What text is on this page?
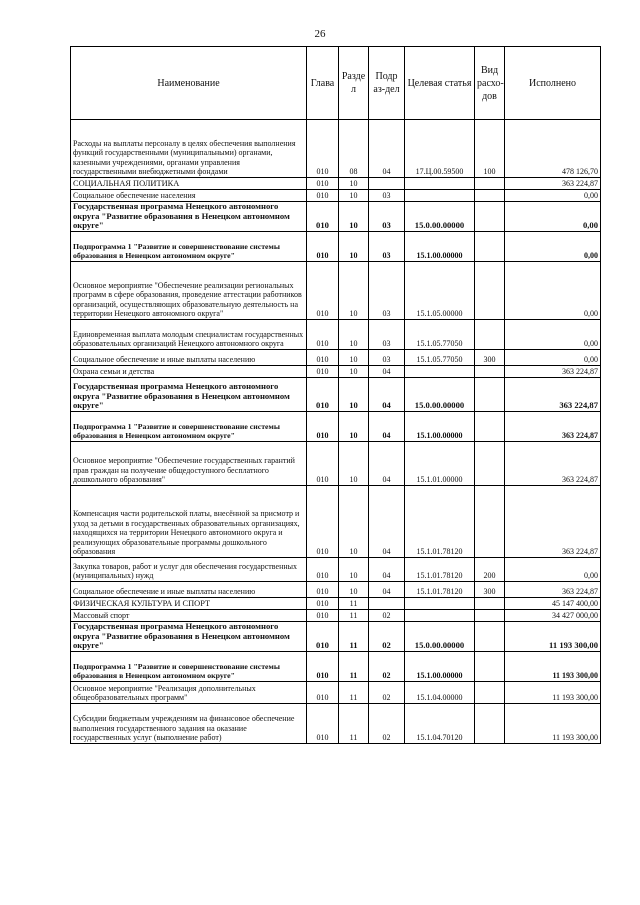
26
Наименование	Глава	Разде л	Подр аз-дел	Целевая статья	Вид расхо-дов	Исполнено
Расходы на выплаты персоналу в целях обеспечения выполнения функций государственными (муниципальными) органами, казенными учреждениями, органами управления государственными внебюджетными фондами	010	08	04	17.Ц.00.59500	100	478 126,70
СОЦИАЛЬНАЯ ПОЛИТИКА	010	10				363 224,87
Социальное обеспечение населения	010	10	03			0,00
Государственная программа Ненецкого автономного округа "Развитие образования в Ненецком автономном округе"	010	10	03	15.0.00.00000		0,00
Подпрограмма 1 "Развитие и совершенствование системы образования в Ненецком автономном округе"	010	10	03	15.1.00.00000		0,00
Основное мероприятие "Обеспечение реализации региональных программ в сфере образования, проведение аттестации работников организаций, осуществляющих образовательную деятельность на территории Ненецкого автономного округа"	010	10	03	15.1.05.00000		0,00
Единовременная выплата молодым специалистам государственных образовательных организаций Ненецкого автономного округа	010	10	03	15.1.05.77050		0,00
Социальное обеспечение и иные выплаты населению	010	10	03	15.1.05.77050	300	0,00
Охрана семьи и детства	010	10	04			363 224,87
Государственная программа Ненецкого автономного округа "Развитие образования в Ненецком автономном округе"	010	10	04	15.0.00.00000		363 224,87
Подпрограмма 1 "Развитие и совершенствование системы образования в Ненецком автономном округе"	010	10	04	15.1.00.00000		363 224,87
Основное мероприятие "Обеспечение государственных гарантий прав граждан на получение общедоступного бесплатного дошкольного образования"	010	10	04	15.1.01.00000		363 224,87
Компенсация части родительской платы, внесённой за присмотр и уход за детьми в государственных образовательных организациях, находящихся на территории Ненецкого автономного округа и реализующих образовательные программы дошкольного образования	010	10	04	15.1.01.78120		363 224,87
Закупка товаров, работ и услуг для обеспечения государственных (муниципальных) нужд	010	10	04	15.1.01.78120	200	0,00
Социальное обеспечение и иные выплаты населению	010	10	04	15.1.01.78120	300	363 224,87
ФИЗИЧЕСКАЯ КУЛЬТУРА И СПОРТ	010	11				45 147 400,00
Массовый спорт	010	11	02			34 427 000,00
Государственная программа Ненецкого автономного округа "Развитие образования в Ненецком автономном округе"	010	11	02	15.0.00.00000		11 193 300,00
Подпрограмма 1 "Развитие и совершенствование системы образования в Ненецком автономном округе"	010	11	02	15.1.00.00000		11 193 300,00
Основное мероприятие "Реализация дополнительных общеобразовательных программ"	010	11	02	15.1.04.00000		11 193 300,00
Субсидии бюджетным учреждениям на финансовое обеспечение выполнения государственного задания на оказание государственных услуг (выполнение работ)	010	11	02	15.1.04.70120		11 193 300,00
